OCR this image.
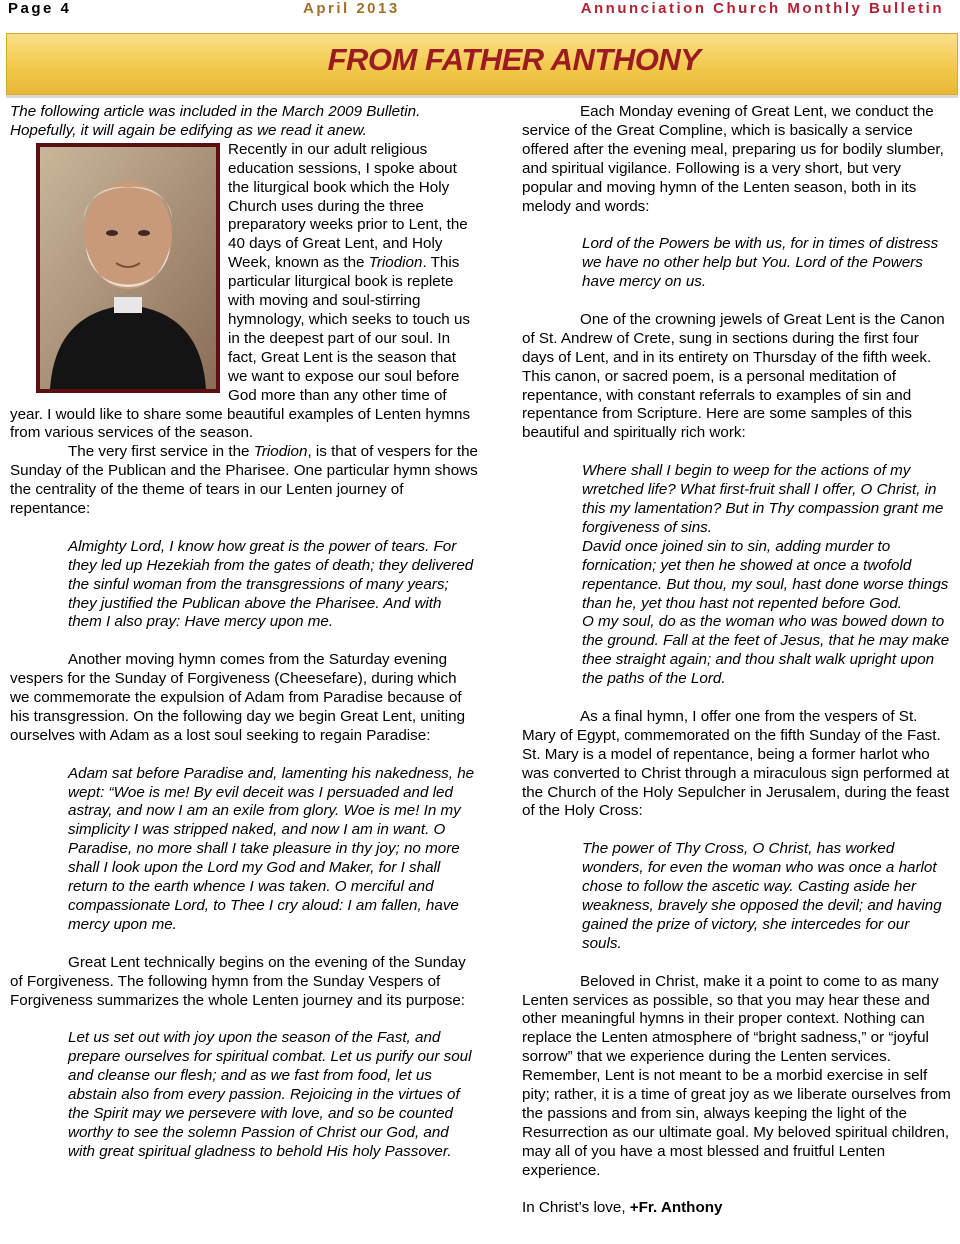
Page 4	April 2013	Annunciation Church Monthly Bulletin
FROM FATHER ANTHONY

The following article was included in the March 2009 Bulletin. Hopefully, it will again be edifying as we read it anew.

Recently in our adult religious education sessions, I spoke about the liturgical book which the Holy Church uses during the three preparatory weeks prior to Lent, the 40 days of Great Lent, and Holy Week, known as the Triodion. This particular liturgical book is replete with moving and soul-stirring hymnology, which seeks to touch us in the deepest part of our soul. In fact, Great Lent is the season that we want to expose our soul before God more than any other time of year. I would like to share some beautiful examples of Lenten hymns from various services of the season.

The very first service in the Triodion, is that of vespers for the Sunday of the Publican and the Pharisee. One particular hymn shows the centrality of the theme of tears in our Lenten journey of repentance:

Almighty Lord, I know how great is the power of tears. For they led up Hezekiah from the gates of death; they delivered the sinful woman from the transgressions of many years; they justified the Publican above the Pharisee. And with them I also pray: Have mercy upon me.

Another moving hymn comes from the Saturday evening vespers for the Sunday of Forgiveness (Cheesefare), during which we commemorate the expulsion of Adam from Paradise because of his transgression. On the following day we begin Great Lent, uniting ourselves with Adam as a lost soul seeking to regain Paradise:

Adam sat before Paradise and, lamenting his nakedness, he wept: “Woe is me! By evil deceit was I persuaded and led astray, and now I am an exile from glory. Woe is me! In my simplicity I was stripped naked, and now I am in want. O Paradise, no more shall I take pleasure in thy joy; no more shall I look upon the Lord my God and Maker, for I shall return to the earth whence I was taken. O merciful and compassionate Lord, to Thee I cry aloud: I am fallen, have mercy upon me.

Great Lent technically begins on the evening of the Sunday of Forgiveness. The following hymn from the Sunday Vespers of Forgiveness summarizes the whole Lenten journey and its purpose:

Let us set out with joy upon the season of the Fast, and prepare ourselves for spiritual combat. Let us purify our soul and cleanse our flesh; and as we fast from food, let us abstain also from every passion. Rejoicing in the virtues of the Spirit may we persevere with love, and so be counted worthy to see the solemn Passion of Christ our God, and with great spiritual gladness to behold His holy Passover.

Each Monday evening of Great Lent, we conduct the service of the Great Compline, which is basically a service offered after the evening meal, preparing us for bodily slumber, and spiritual vigilance. Following is a very short, but very popular and moving hymn of the Lenten season, both in its melody and words:

Lord of the Powers be with us, for in times of distress we have no other help but You. Lord of the Powers have mercy on us.

One of the crowning jewels of Great Lent is the Canon of St. Andrew of Crete, sung in sections during the first four days of Lent, and in its entirety on Thursday of the fifth week. This canon, or sacred poem, is a personal meditation of repentance, with constant referrals to examples of sin and repentance from Scripture. Here are some samples of this beautiful and spiritually rich work:

Where shall I begin to weep for the actions of my wretched life? What first-fruit shall I offer, O Christ, in this my lamentation? But in Thy compassion grant me forgiveness of sins.

David once joined sin to sin, adding murder to fornication; yet then he showed at once a twofold repentance. But thou, my soul, hast done worse things than he, yet thou hast not repented before God.

O my soul, do as the woman who was bowed down to the ground. Fall at the feet of Jesus, that he may make thee straight again; and thou shalt walk upright upon the paths of the Lord.

As a final hymn, I offer one from the vespers of St. Mary of Egypt, commemorated on the fifth Sunday of the Fast. St. Mary is a model of repentance, being a former harlot who was converted to Christ through a miraculous sign performed at the Church of the Holy Sepulcher in Jerusalem, during the feast of the Holy Cross:

The power of Thy Cross, O Christ, has worked wonders, for even the woman who was once a harlot chose to follow the ascetic way. Casting aside her weakness, bravely she opposed the devil; and having gained the prize of victory, she intercedes for our souls.

Beloved in Christ, make it a point to come to as many Lenten services as possible, so that you may hear these and other meaningful hymns in their proper context. Nothing can replace the Lenten atmosphere of “bright sadness,” or “joyful sorrow” that we experience during the Lenten services. Remember, Lent is not meant to be a morbid exercise in self pity; rather, it is a time of great joy as we liberate ourselves from the passions and from sin, always keeping the light of the Resurrection as our ultimate goal. My beloved spiritual children, may all of you have a most blessed and fruitful Lenten experience.

In Christ’s love, +Fr. Anthony
